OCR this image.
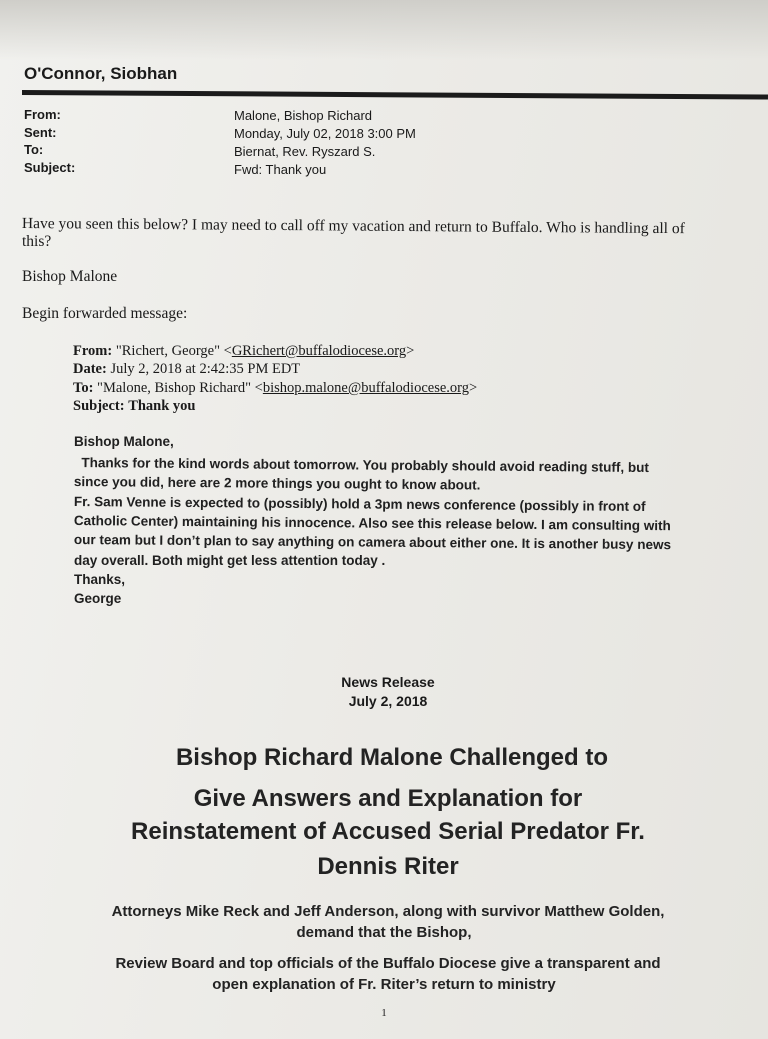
O'Connor, Siobhan
From:	Malone, Bishop Richard
Sent:	Monday, July 02, 2018 3:00 PM
To:	Biernat, Rev. Ryszard S.
Subject:	Fwd: Thank you
Have you seen this below? I may need to call off my vacation and return to Buffalo. Who is handling all of
this?
Bishop Malone
Begin forwarded message:
From: "Richert, George" <GRichert@buffalodiocese.org>
Date: July 2, 2018 at 2:42:35 PM EDT
To: "Malone, Bishop Richard" <bishop.malone@buffalodiocese.org>
Subject: Thank you
Bishop Malone,
Thanks for the kind words about tomorrow. You probably should avoid reading stuff, but
since you did, here are 2 more things you ought to know about.
Fr. Sam Venne is expected to (possibly) hold a 3pm news conference (possibly in front of
Catholic Center) maintaining his innocence. Also see this release below. I am consulting with
our team but I don’t plan to say anything on camera about either one. It is another busy news
day overall. Both might get less attention today .
Thanks,
George
News Release
July 2, 2018
Bishop Richard Malone Challenged to
Give Answers and Explanation for
Reinstatement of Accused Serial Predator Fr.
Dennis Riter
Attorneys Mike Reck and Jeff Anderson, along with survivor Matthew Golden,
demand that the Bishop,
Review Board and top officials of the Buffalo Diocese give a transparent and
open explanation of Fr. Riter’s return to ministry
1
